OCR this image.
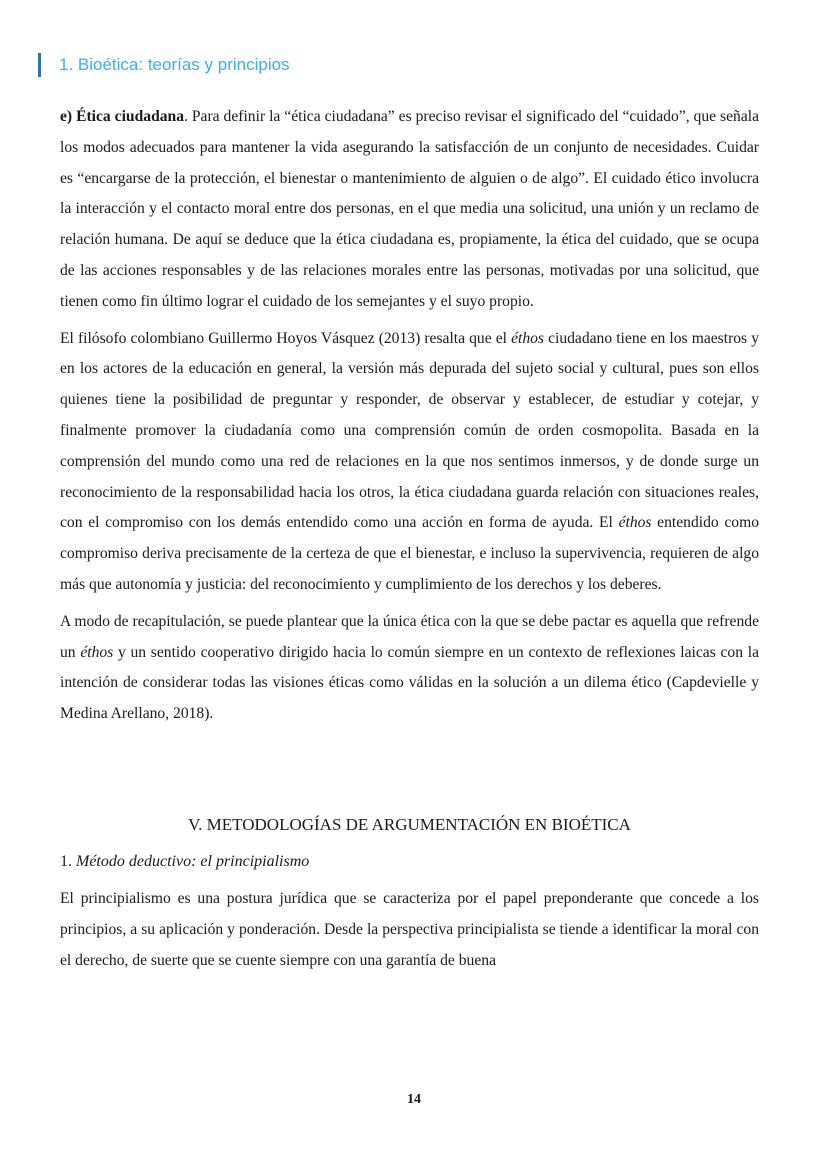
1. Bioética: teorías y principios

e) Ética ciudadana. Para definir la “ética ciudadana” es preciso revisar el significado del “cuidado”, que señala los modos adecuados para mantener la vida asegurando la satisfacción de un conjunto de necesidades. Cuidar es “encargarse de la protección, el bienestar o mantenimiento de alguien o de algo”. El cuidado ético involucra la interacción y el contacto moral entre dos personas, en el que media una solicitud, una unión y un reclamo de relación humana. De aquí se deduce que la ética ciudadana es, propiamente, la ética del cuidado, que se ocupa de las acciones responsables y de las relaciones morales entre las personas, motivadas por una solicitud, que tienen como fin último lograr el cuidado de los semejantes y el suyo propio.

El filósofo colombiano Guillermo Hoyos Vásquez (2013) resalta que el éthos ciudadano tiene en los maestros y en los actores de la educación en general, la versión más depurada del sujeto social y cultural, pues son ellos quienes tiene la posibilidad de preguntar y responder, de observar y establecer, de estudiar y cotejar, y finalmente promover la ciudadanía como una comprensión común de orden cosmopolita. Basada en la comprensión del mundo como una red de relaciones en la que nos sentimos inmersos, y de donde surge un reconocimiento de la responsabilidad hacia los otros, la ética ciudadana guarda relación con situaciones reales, con el compromiso con los demás entendido como una acción en forma de ayuda. El éthos entendido como compromiso deriva precisamente de la certeza de que el bienestar, e incluso la supervivencia, requieren de algo más que autonomía y justicia: del reconocimiento y cumplimiento de los derechos y los deberes.

A modo de recapitulación, se puede plantear que la única ética con la que se debe pactar es aquella que refrende un éthos y un sentido cooperativo dirigido hacia lo común siempre en un contexto de reflexiones laicas con la intención de considerar todas las visiones éticas como válidas en la solución a un dilema ético (Capdevielle y Medina Arellano, 2018).

V. METODOLOGÍAS DE ARGUMENTACIÓN EN BIOÉTICA
1. Método deductivo: el principialismo

El principialismo es una postura jurídica que se caracteriza por el papel preponderante que concede a los principios, a su aplicación y ponderación. Desde la perspectiva principialista se tiende a identificar la moral con el derecho, de suerte que se cuente siempre con una garantía de buena

14
